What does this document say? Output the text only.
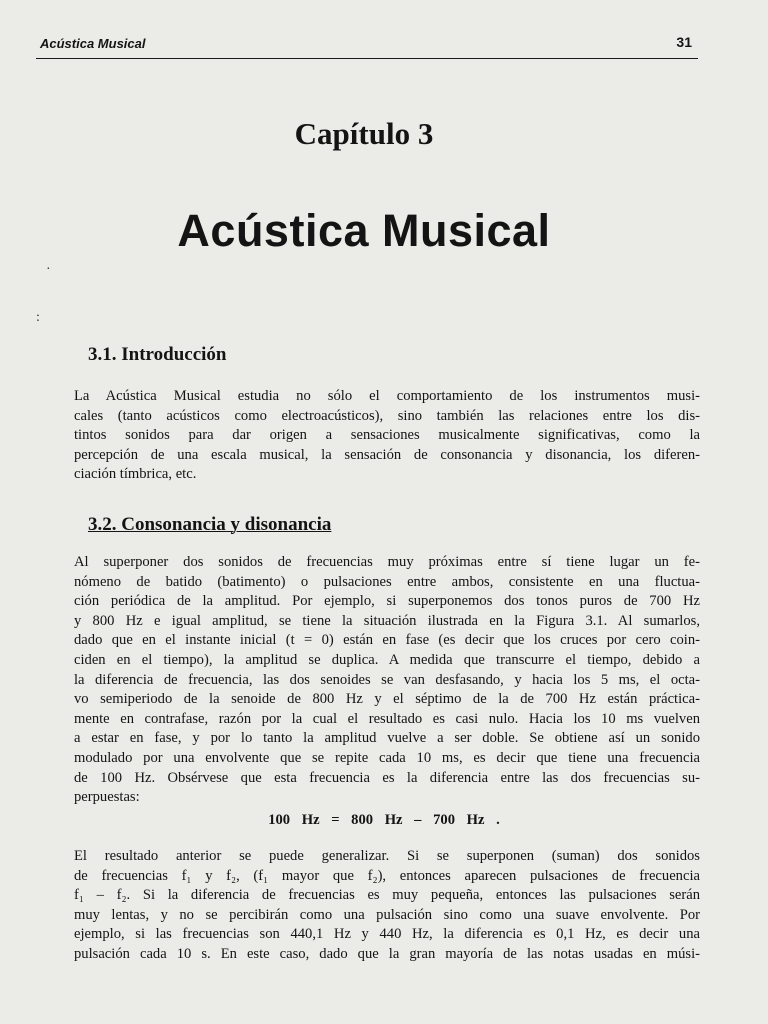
Acústica Musical	31
Capítulo 3
Acústica Musical
·
:
3.1. Introducción
La Acústica Musical estudia no sólo el comportamiento de los instrumentos musi-
cales (tanto acústicos como electroacústicos), sino también las relaciones entre los dis-
tintos sonidos para dar origen a sensaciones musicalmente significativas, como la
percepción de una escala musical, la sensación de consonancia y disonancia, los diferen-
ciación tímbrica, etc.
3.2. Consonancia y disonancia
Al superponer dos sonidos de frecuencias muy próximas entre sí tiene lugar un fe-
nómeno de batido (batimento) o pulsaciones entre ambos, consistente en una fluctua-
ción periódica de la amplitud. Por ejemplo, si superponemos dos tonos puros de 700 Hz
y 800 Hz e igual amplitud, se tiene la situación ilustrada en la Figura 3.1. Al sumarlos,
dado que en el instante inicial (t = 0) están en fase (es decir que los cruces por cero coin-
ciden en el tiempo), la amplitud se duplica. A medida que transcurre el tiempo, debido a
la diferencia de frecuencia, las dos senoides se van desfasando, y hacia los 5 ms, el octa-
vo semiperiodo de la senoide de 800 Hz y el séptimo de la de 700 Hz están práctica-
mente en contrafase, razón por la cual el resultado es casi nulo. Hacia los 10 ms vuelven
a estar en fase, y por lo tanto la amplitud vuelve a ser doble. Se obtiene así un sonido
modulado por una envolvente que se repite cada 10 ms, es decir que tiene una frecuencia
de 100 Hz. Obsérvese que esta frecuencia es la diferencia entre las dos frecuencias su-
perpuestas:
100 Hz = 800 Hz – 700 Hz .
El resultado anterior se puede generalizar. Si se superponen (suman) dos sonidos
de frecuencias f₁ y f₂, (f₁ mayor que f₂), entonces aparecen pulsaciones de frecuencia
f₁ – f₂. Si la diferencia de frecuencias es muy pequeña, entonces las pulsaciones serán
muy lentas, y no se percibirán como una pulsación sino como una suave envolvente. Por
ejemplo, si las frecuencias son 440,1 Hz y 440 Hz, la diferencia es 0,1 Hz, es decir una
pulsación cada 10 s. En este caso, dado que la gran mayoría de las notas usadas en músi-
